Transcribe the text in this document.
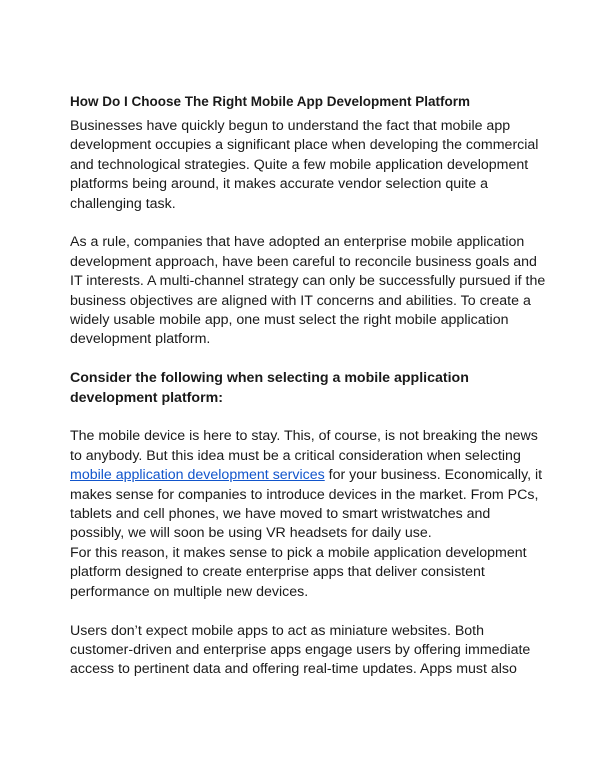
How Do I Choose The Right Mobile App Development Platform

Businesses have quickly begun to understand the fact that mobile app development occupies a significant place when developing the commercial and technological strategies. Quite a few mobile application development platforms being around, it makes accurate vendor selection quite a challenging task.

As a rule, companies that have adopted an enterprise mobile application development approach, have been careful to reconcile business goals and IT interests. A multi-channel strategy can only be successfully pursued if the business objectives are aligned with IT concerns and abilities. To create a widely usable mobile app, one must select the right mobile application development platform.

Consider the following when selecting a mobile application development platform:

The mobile device is here to stay. This, of course, is not breaking the news to anybody. But this idea must be a critical consideration when selecting mobile application development services for your business. Economically, it makes sense for companies to introduce devices in the market. From PCs, tablets and cell phones, we have moved to smart wristwatches and possibly, we will soon be using VR headsets for daily use.

For this reason, it makes sense to pick a mobile application development platform designed to create enterprise apps that deliver consistent performance on multiple new devices.

Users don’t expect mobile apps to act as miniature websites. Both customer-driven and enterprise apps engage users by offering immediate access to pertinent data and offering real-time updates. Apps must also
